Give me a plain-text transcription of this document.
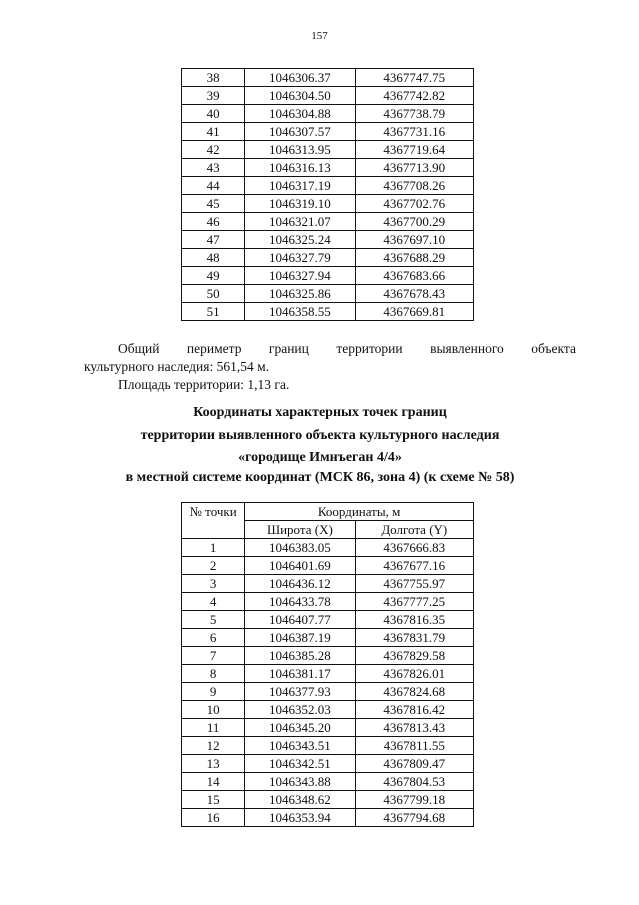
157
38	1046306.37	4367747.75
39	1046304.50	4367742.82
40	1046304.88	4367738.79
41	1046307.57	4367731.16
42	1046313.95	4367719.64
43	1046316.13	4367713.90
44	1046317.19	4367708.26
45	1046319.10	4367702.76
46	1046321.07	4367700.29
47	1046325.24	4367697.10
48	1046327.79	4367688.29
49	1046327.94	4367683.66
50	1046325.86	4367678.43
51	1046358.55	4367669.81

Общий периметр границ территории выявленного объекта

культурного наследия: 561,54 м.

Площадь территории: 1,13 га.

Координаты характерных точек границ
территории выявленного объекта культурного наследия
«городище Имнъеган 4/4»
в местной системе координат (МСК 86, зона 4) (к схеме № 58)
№ точки	Координаты, м	
	Широта (X)	Долгота (Y)
1	1046383.05	4367666.83
2	1046401.69	4367677.16
3	1046436.12	4367755.97
4	1046433.78	4367777.25
5	1046407.77	4367816.35
6	1046387.19	4367831.79
7	1046385.28	4367829.58
8	1046381.17	4367826.01
9	1046377.93	4367824.68
10	1046352.03	4367816.42
11	1046345.20	4367813.43
12	1046343.51	4367811.55
13	1046342.51	4367809.47
14	1046343.88	4367804.53
15	1046348.62	4367799.18
16	1046353.94	4367794.68
